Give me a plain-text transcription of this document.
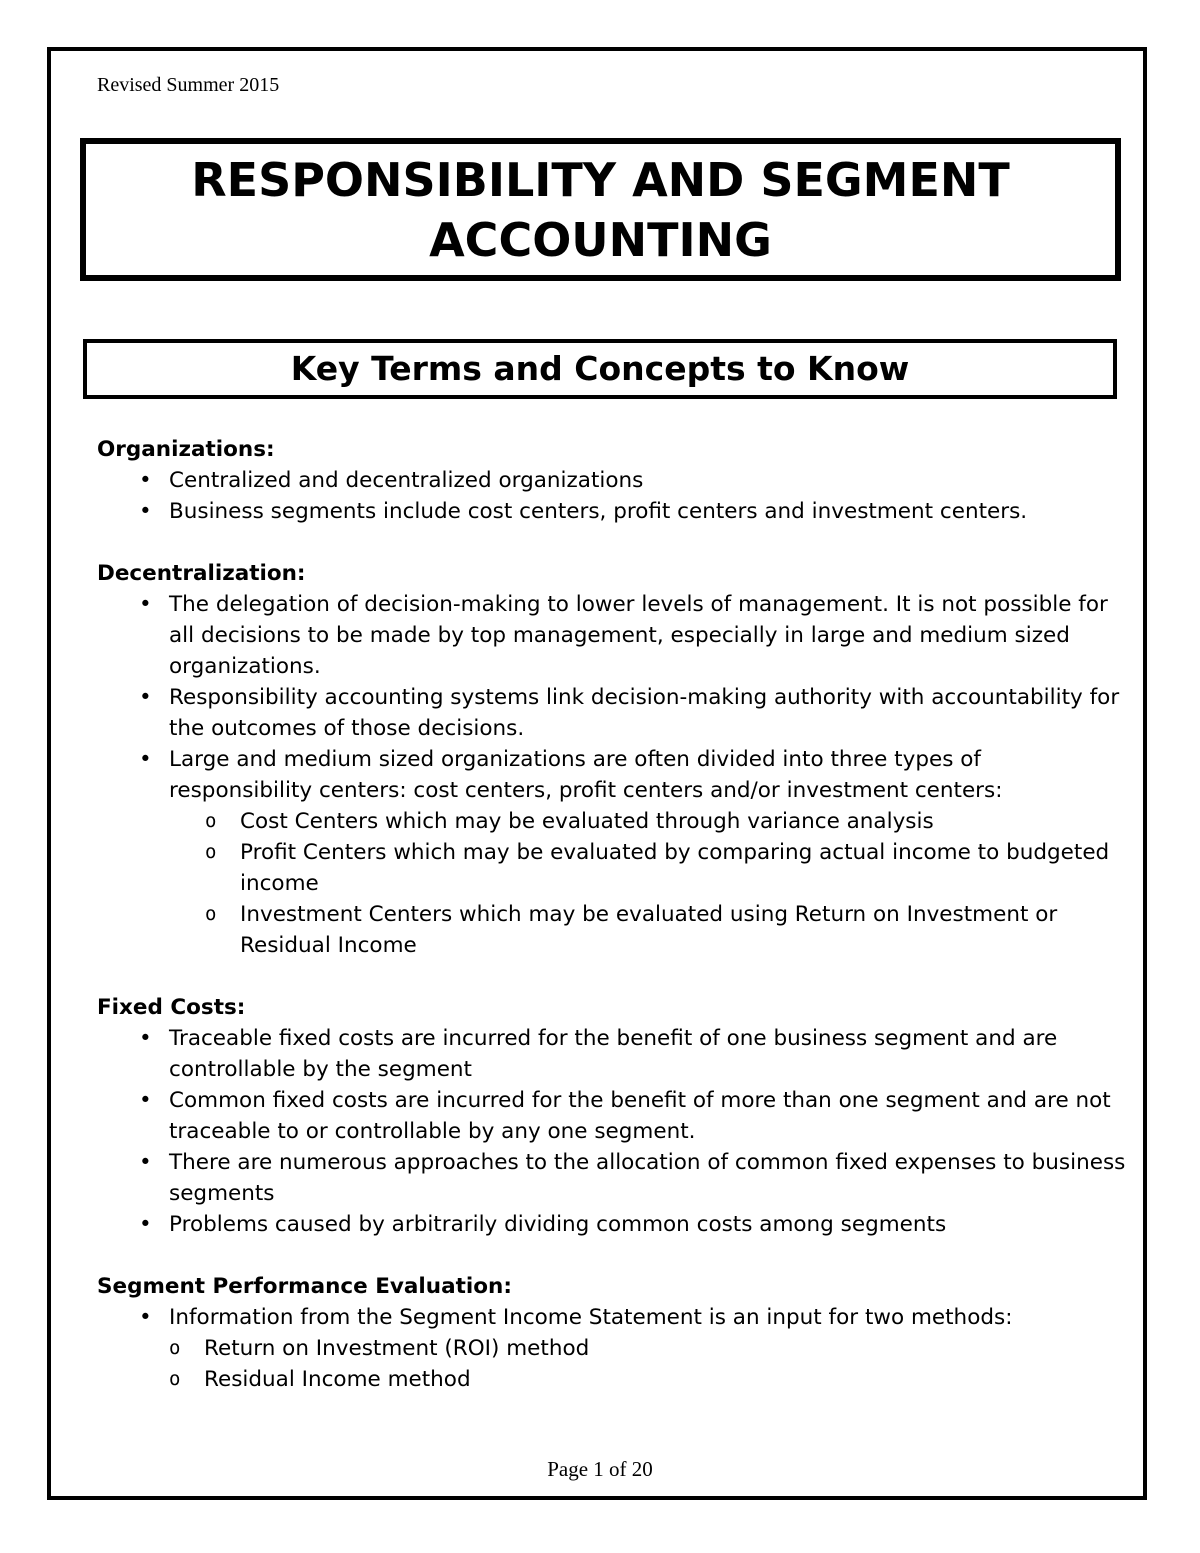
Revised Summer 2015

RESPONSIBILITY AND SEGMENT ACCOUNTING
Key Terms and Concepts to Know
Organizations:
• Centralized and decentralized organizations
• Business segments include cost centers, profit centers and investment centers.
Decentralization:
• The delegation of decision-making to lower levels of management. It is not possible for all decisions to be made by top management, especially in large and medium sized organizations.
• Responsibility accounting systems link decision-making authority with accountability for the outcomes of those decisions.
• Large and medium sized organizations are often divided into three types of responsibility centers: cost centers, profit centers and/or investment centers:
o Cost Centers which may be evaluated through variance analysis
o Profit Centers which may be evaluated by comparing actual income to budgeted income
o Investment Centers which may be evaluated using Return on Investment or Residual Income
Fixed Costs:
• Traceable fixed costs are incurred for the benefit of one business segment and are controllable by the segment
• Common fixed costs are incurred for the benefit of more than one segment and are not traceable to or controllable by any one segment.
• There are numerous approaches to the allocation of common fixed expenses to business segments
• Problems caused by arbitrarily dividing common costs among segments
Segment Performance Evaluation:
• Information from the Segment Income Statement is an input for two methods:
o Return on Investment (ROI) method
o Residual Income method

Page 1 of 20
